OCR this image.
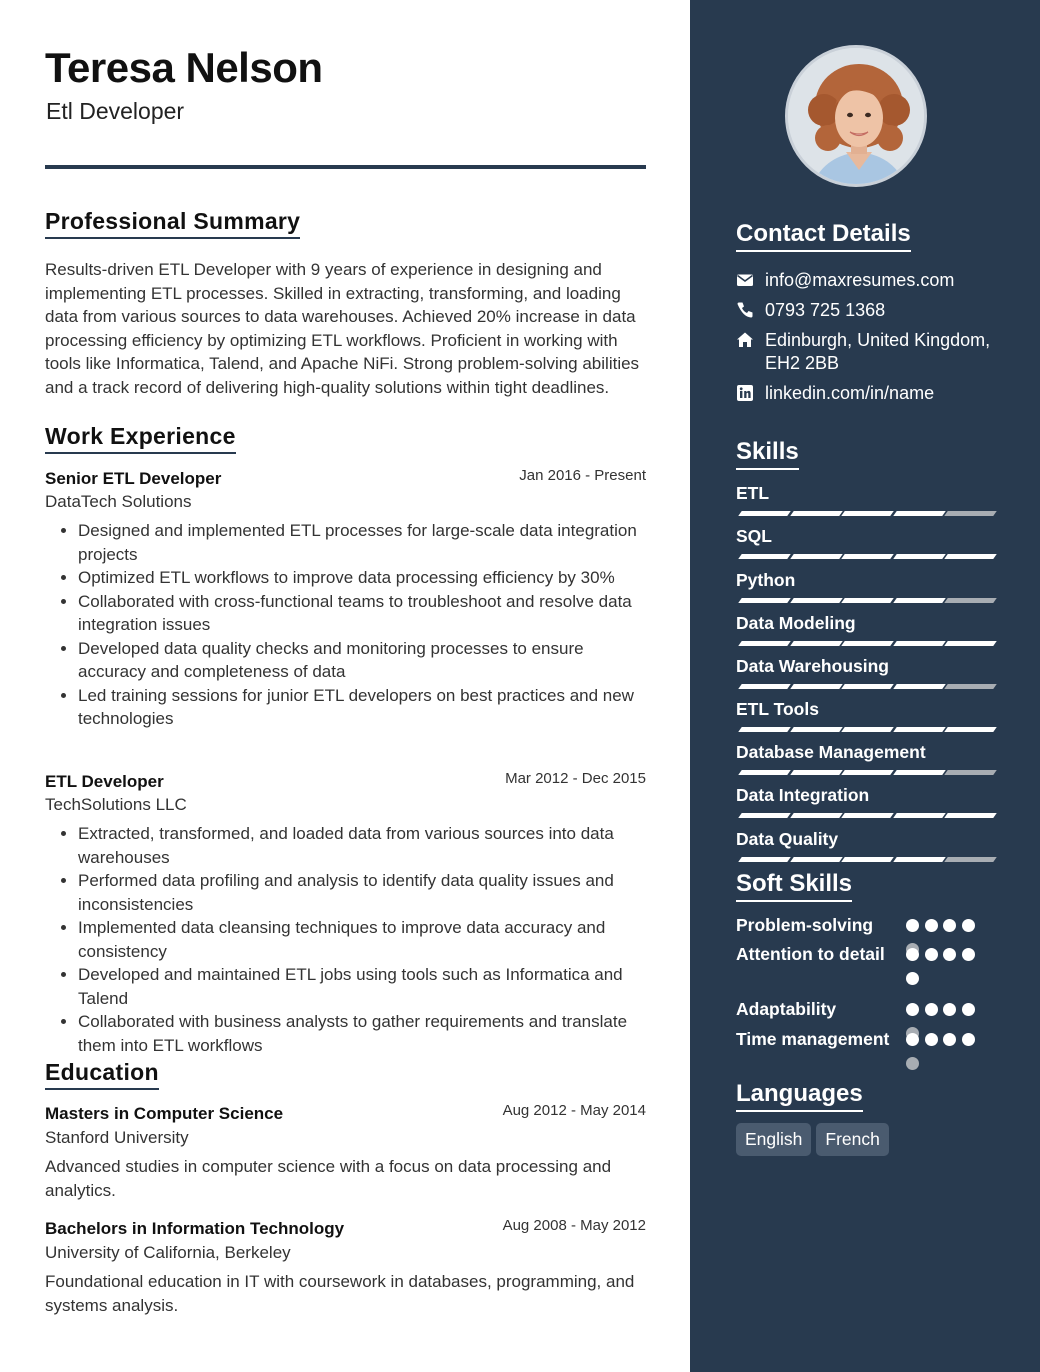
Teresa Nelson
Etl Developer
Professional Summary
Results-driven ETL Developer with 9 years of experience in designing and implementing ETL processes. Skilled in extracting, transforming, and loading data from various sources to data warehouses. Achieved 20% increase in data processing efficiency by optimizing ETL workflows. Proficient in working with tools like Informatica, Talend, and Apache NiFi. Strong problem-solving abilities and a track record of delivering high-quality solutions within tight deadlines.
Work Experience
Senior ETL Developer	Jan 2016 - Present
DataTech Solutions
• Designed and implemented ETL processes for large-scale data integration projects
• Optimized ETL workflows to improve data processing efficiency by 30%
• Collaborated with cross-functional teams to troubleshoot and resolve data integration issues
• Developed data quality checks and monitoring processes to ensure accuracy and completeness of data
• Led training sessions for junior ETL developers on best practices and new technologies
ETL Developer	Mar 2012 - Dec 2015
TechSolutions LLC
• Extracted, transformed, and loaded data from various sources into data warehouses
• Performed data profiling and analysis to identify data quality issues and inconsistencies
• Implemented data cleansing techniques to improve data accuracy and consistency
• Developed and maintained ETL jobs using tools such as Informatica and Talend
• Collaborated with business analysts to gather requirements and translate them into ETL workflows
Education
Masters in Computer Science	Aug 2012 - May 2014
Stanford University
Advanced studies in computer science with a focus on data processing and analytics.
Bachelors in Information Technology	Aug 2008 - May 2012
University of California, Berkeley
Foundational education in IT with coursework in databases, programming, and systems analysis.
Contact Details
info@maxresumes.com
0793 725 1368
Edinburgh, United Kingdom, EH2 2BB
linkedin.com/in/name
Skills
ETL
SQL
Python
Data Modeling
Data Warehousing
ETL Tools
Database Management
Data Integration
Data Quality
Soft Skills
Problem-solving
Attention to detail
Adaptability
Time management
Languages
English French
